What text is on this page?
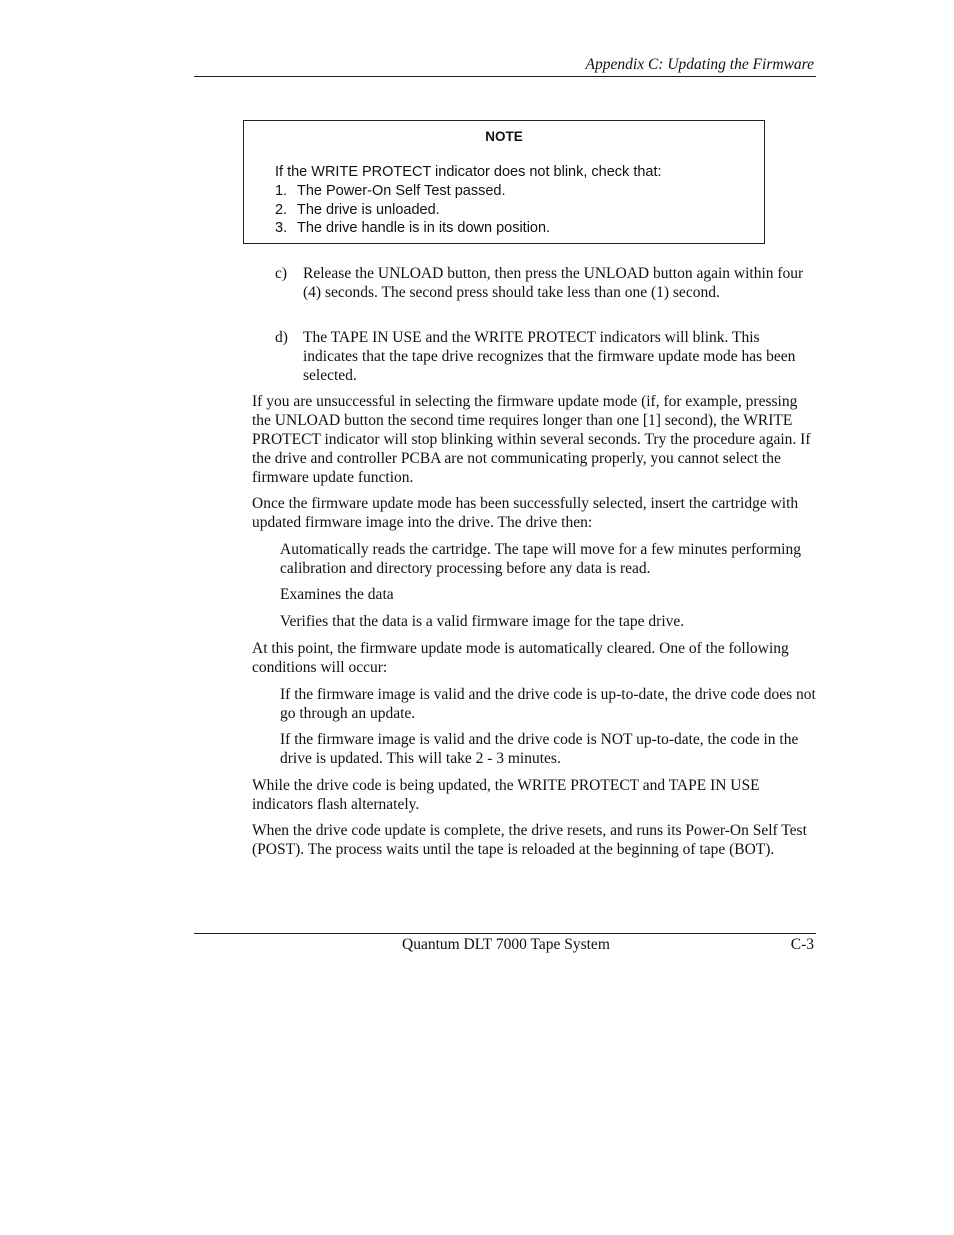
Appendix C: Updating the Firmware
NOTE
If the WRITE PROTECT indicator does not blink, check that:
1. The Power-On Self Test passed.
2. The drive is unloaded.
3. The drive handle is in its down position.
c) Release the UNLOAD button, then press the UNLOAD button again within four (4) seconds. The second press should take less than one (1) second.
d) The TAPE IN USE and the WRITE PROTECT indicators will blink. This indicates that the tape drive recognizes that the firmware update mode has been selected.
If you are unsuccessful in selecting the firmware update mode (if, for example, pressing the UNLOAD button the second time requires longer than one [1] second), the WRITE PROTECT indicator will stop blinking within several seconds. Try the procedure again. If the drive and controller PCBA are not communicating properly, you cannot select the firmware update function.
Once the firmware update mode has been successfully selected, insert the cartridge with updated firmware image into the drive. The drive then:
Automatically reads the cartridge. The tape will move for a few minutes performing calibration and directory processing before any data is read.
Examines the data
Verifies that the data is a valid firmware image for the tape drive.
At this point, the firmware update mode is automatically cleared. One of the following conditions will occur:
If the firmware image is valid and the drive code is up-to-date, the drive code does not go through an update.
If the firmware image is valid and the drive code is NOT up-to-date, the code in the drive is updated. This will take 2 - 3 minutes.
While the drive code is being updated, the WRITE PROTECT and TAPE IN USE indicators flash alternately.
When the drive code update is complete, the drive resets, and runs its Power-On Self Test (POST). The process waits until the tape is reloaded at the beginning of tape (BOT).
Quantum DLT 7000 Tape System	C-3
